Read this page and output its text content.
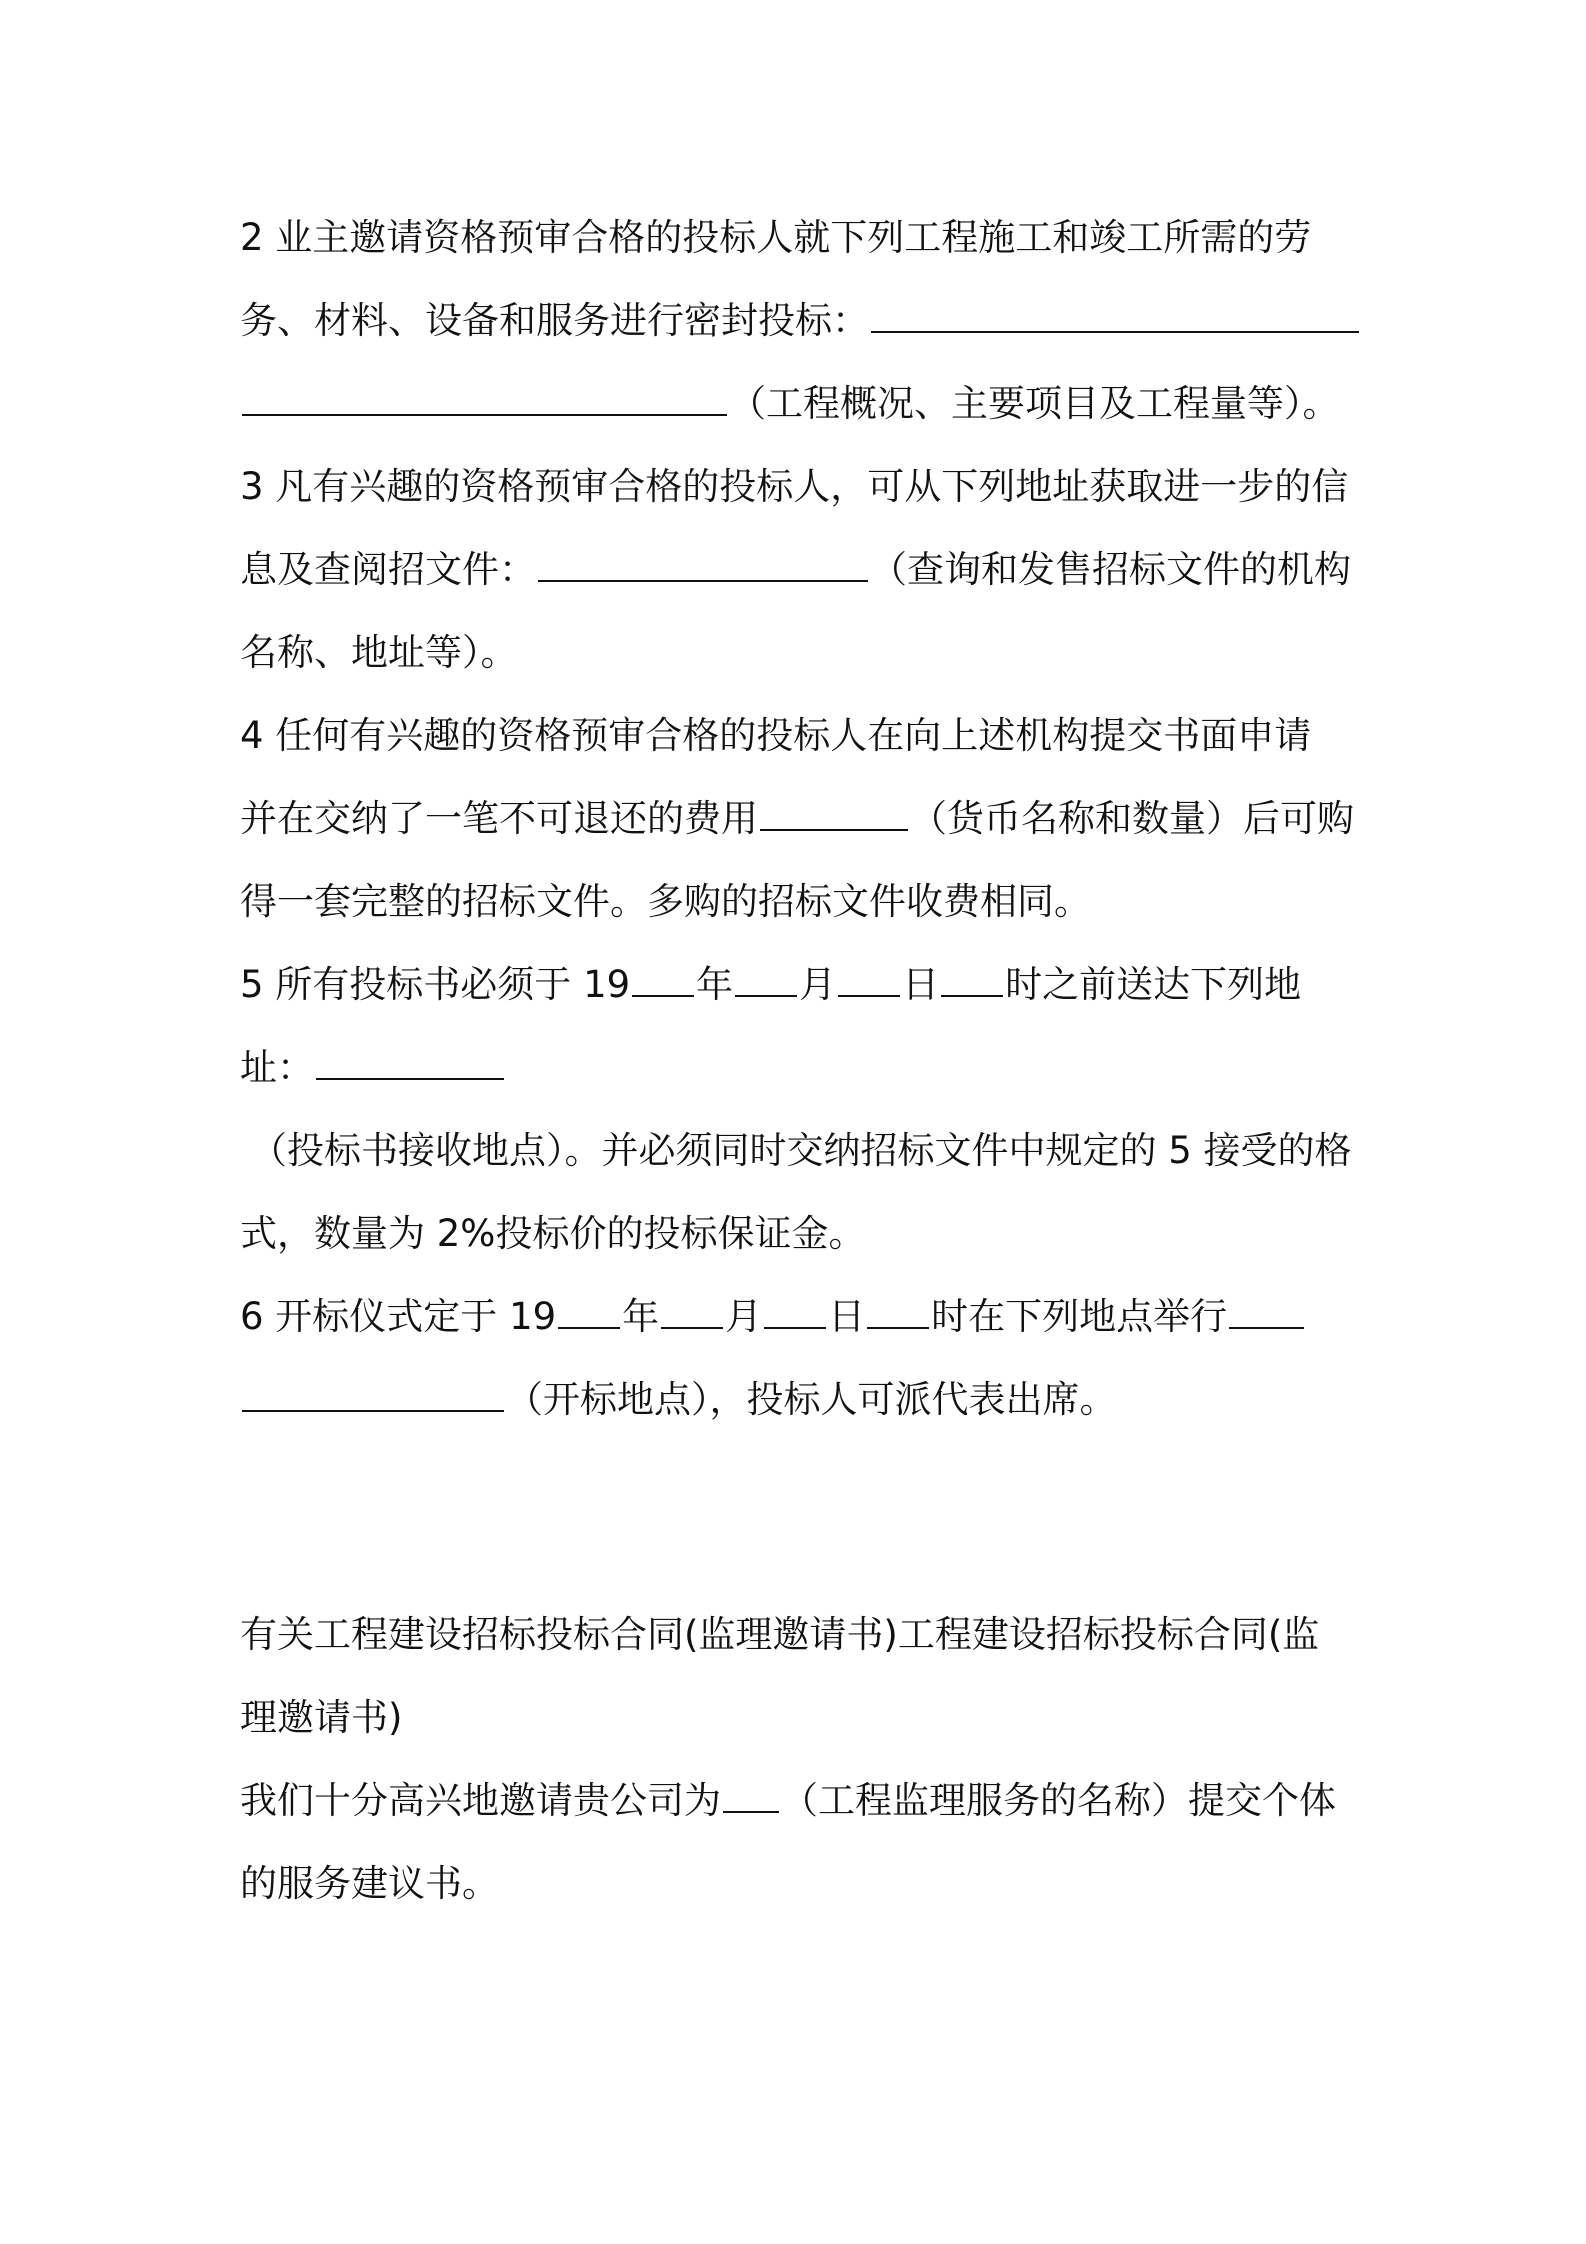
2 业主邀请资格预审合格的投标人就下列工程施工和竣工所需的劳
务、材料、设备和服务进行密封投标：
（工程概况、主要项目及工程量等）。
3 凡有兴趣的资格预审合格的投标人，可从下列地址获取进一步的信
息及查阅招文件：	（查询和发售招标文件的机构
名称、地址等）。
4 任何有兴趣的资格预审合格的投标人在向上述机构提交书面申请
并在交纳了一笔不可退还的费用	（货币名称和数量）后可购
得一套完整的招标文件。多购的招标文件收费相同。
5 所有投标书必须于 19 年 月 日 时之前送达下列地
址：
（投标书接收地点）。并必须同时交纳招标文件中规定的 5 接受的格
式，数量为 2%投标价的投标保证金。
6 开标仪式定于 19 年 月 日 时在下列地点举行
（开标地点），投标人可派代表出席。
有关工程建设招标投标合同(监理邀请书)工程建设招标投标合同(监
理邀请书)
我们十分高兴地邀请贵公司为 （工程监理服务的名称）提交个体
的服务建议书。
